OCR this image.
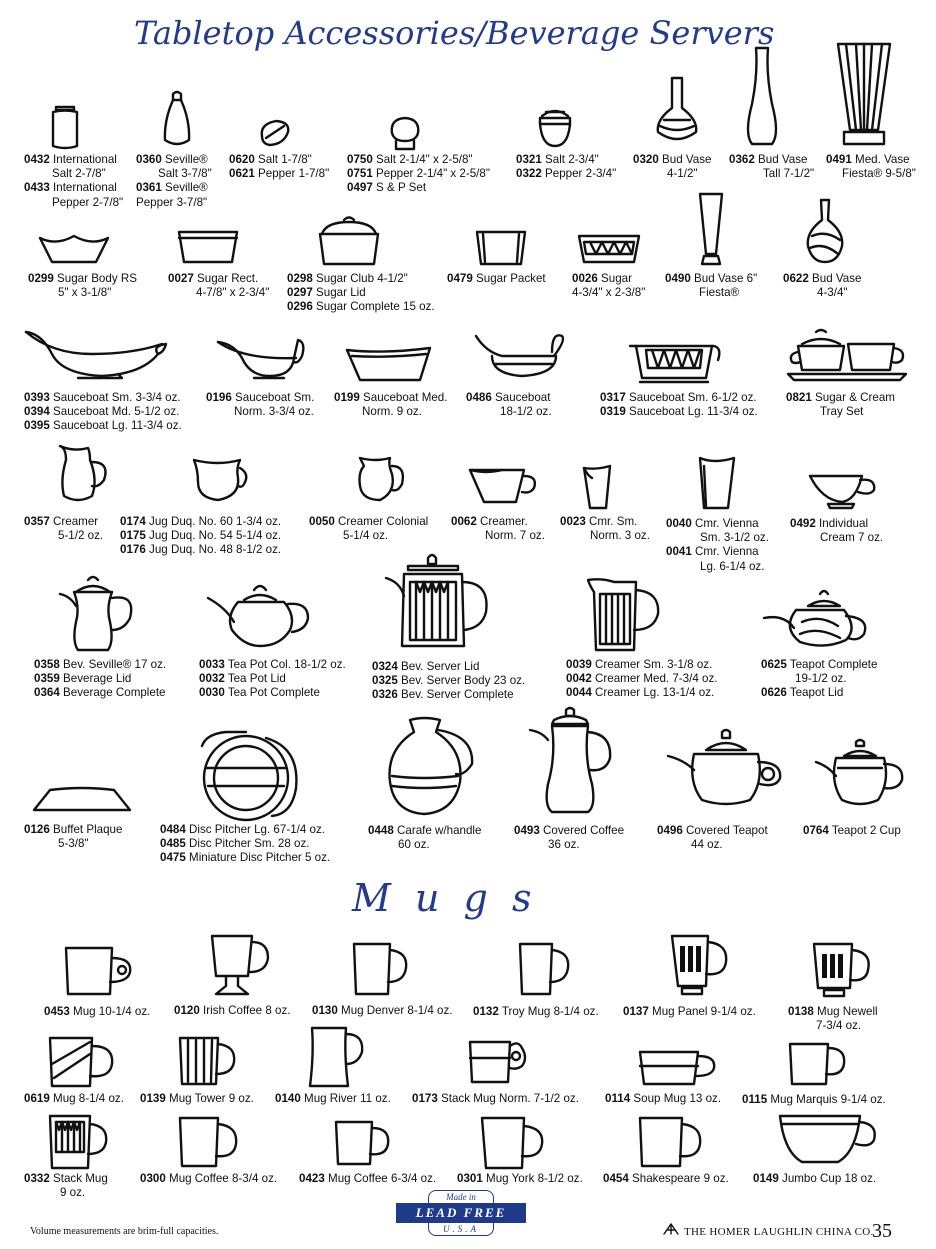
Tabletop Accessories/Beverage Servers
M u g s
0432 International
Salt 2-7/8"
0433 International
Pepper 2-7/8"
0360 Seville®
Salt 3-7/8"
0361 Seville®
Pepper 3-7/8"
0620 Salt 1-7/8"
0621 Pepper 1-7/8"
0750 Salt 2-1/4" x 2-5/8"
0751 Pepper 2-1/4" x 2-5/8"
0497 S & P Set
0321 Salt 2-3/4"
0322 Pepper 2-3/4"
0320 Bud Vase
4-1/2"
0362 Bud Vase
Tall 7-1/2"
0491 Med. Vase
Fiesta® 9-5/8"
0299 Sugar Body RS
5" x 3-1/8"
0027 Sugar Rect.
4-7/8" x 2-3/4"
0298 Sugar Club 4-1/2"
0297 Sugar Lid
0296 Sugar Complete 15 oz.
0479 Sugar Packet 0026 Sugar
4-3/4" x 2-3/8"
0490 Bud Vase 6"
Fiesta®
0622 Bud Vase
4-3/4"
0393 Sauceboat Sm. 3-3/4 oz.
0394 Sauceboat Md. 5-1/2 oz.
0395 Sauceboat Lg. 11-3/4 oz.
0196 Sauceboat Sm.
Norm. 3-3/4 oz.
0199 Sauceboat Med.
Norm. 9 oz.
0486 Sauceboat
18-1/2 oz.
0317 Sauceboat Sm. 6-1/2 oz.
0319 Sauceboat Lg. 11-3/4 oz.
0821 Sugar & Cream
Tray Set
0357 Creamer
5-1/2 oz.
0174 Jug Duq. No. 60 1-3/4 oz.
0175 Jug Duq. No. 54 5-1/4 oz.
0176 Jug Duq. No. 48 8-1/2 oz.
0050 Creamer Colonial
5-1/4 oz.
0062 Creamer.
Norm. 7 oz.
0023 Cmr. Sm.
Norm. 3 oz.
0040 Cmr. Vienna
Sm. 3-1/2 oz.
0041 Cmr. Vienna
Lg. 6-1/4 oz.
0492 Individual
Cream 7 oz.
0358 Bev. Seville® 17 oz.
0359 Beverage Lid
0364 Beverage Complete
0033 Tea Pot Col. 18-1/2 oz.
0032 Tea Pot Lid
0030 Tea Pot Complete
0324 Bev. Server Lid
0325 Bev. Server Body 23 oz.
0326 Bev. Server Complete
0039 Creamer Sm. 3-1/8 oz.
0042 Creamer Med. 7-3/4 oz.
0044 Creamer Lg. 13-1/4 oz.
0625 Teapot Complete
19-1/2 oz.
0626 Teapot Lid
0126 Buffet Plaque
5-3/8"
0484 Disc Pitcher Lg. 67-1/4 oz.
0485 Disc Pitcher Sm. 28 oz.
0475 Miniature Disc Pitcher 5 oz.
0448 Carafe w/handle
60 oz.
0493 Covered Coffee
36 oz.
0496 Covered Teapot
44 oz.
0764 Teapot 2 Cup
0453 Mug 10-1/4 oz. 0120 Irish Coffee 8 oz. 0130 Mug Denver 8-1/4 oz. 0132 Troy Mug 8-1/4 oz. 0137 Mug Panel 9-1/4 oz.	0138 Mug Newell
7-3/4 oz.
0619 Mug 8-1/4 oz. 0139 Mug Tower 9 oz. 0140 Mug River 11 oz. 0173 Stack Mug Norm. 7-1/2 oz. 0114 Soup Mug 13 oz. 0115 Mug Marquis 9-1/4 oz.
0332 Stack Mug
9 oz.
0300 Mug Coffee 8-3/4 oz. 0423 Mug Coffee 6-3/4 oz. 0301 Mug York 8-1/2 oz. 0454 Shakespeare 9 oz. 0149 Jumbo Cup 18 oz.
Volume measurements are brim-full capacities.
Made in
LEAD FREE
U.S.A	THE HOMER LAUGHLIN CHINA CO.
35
